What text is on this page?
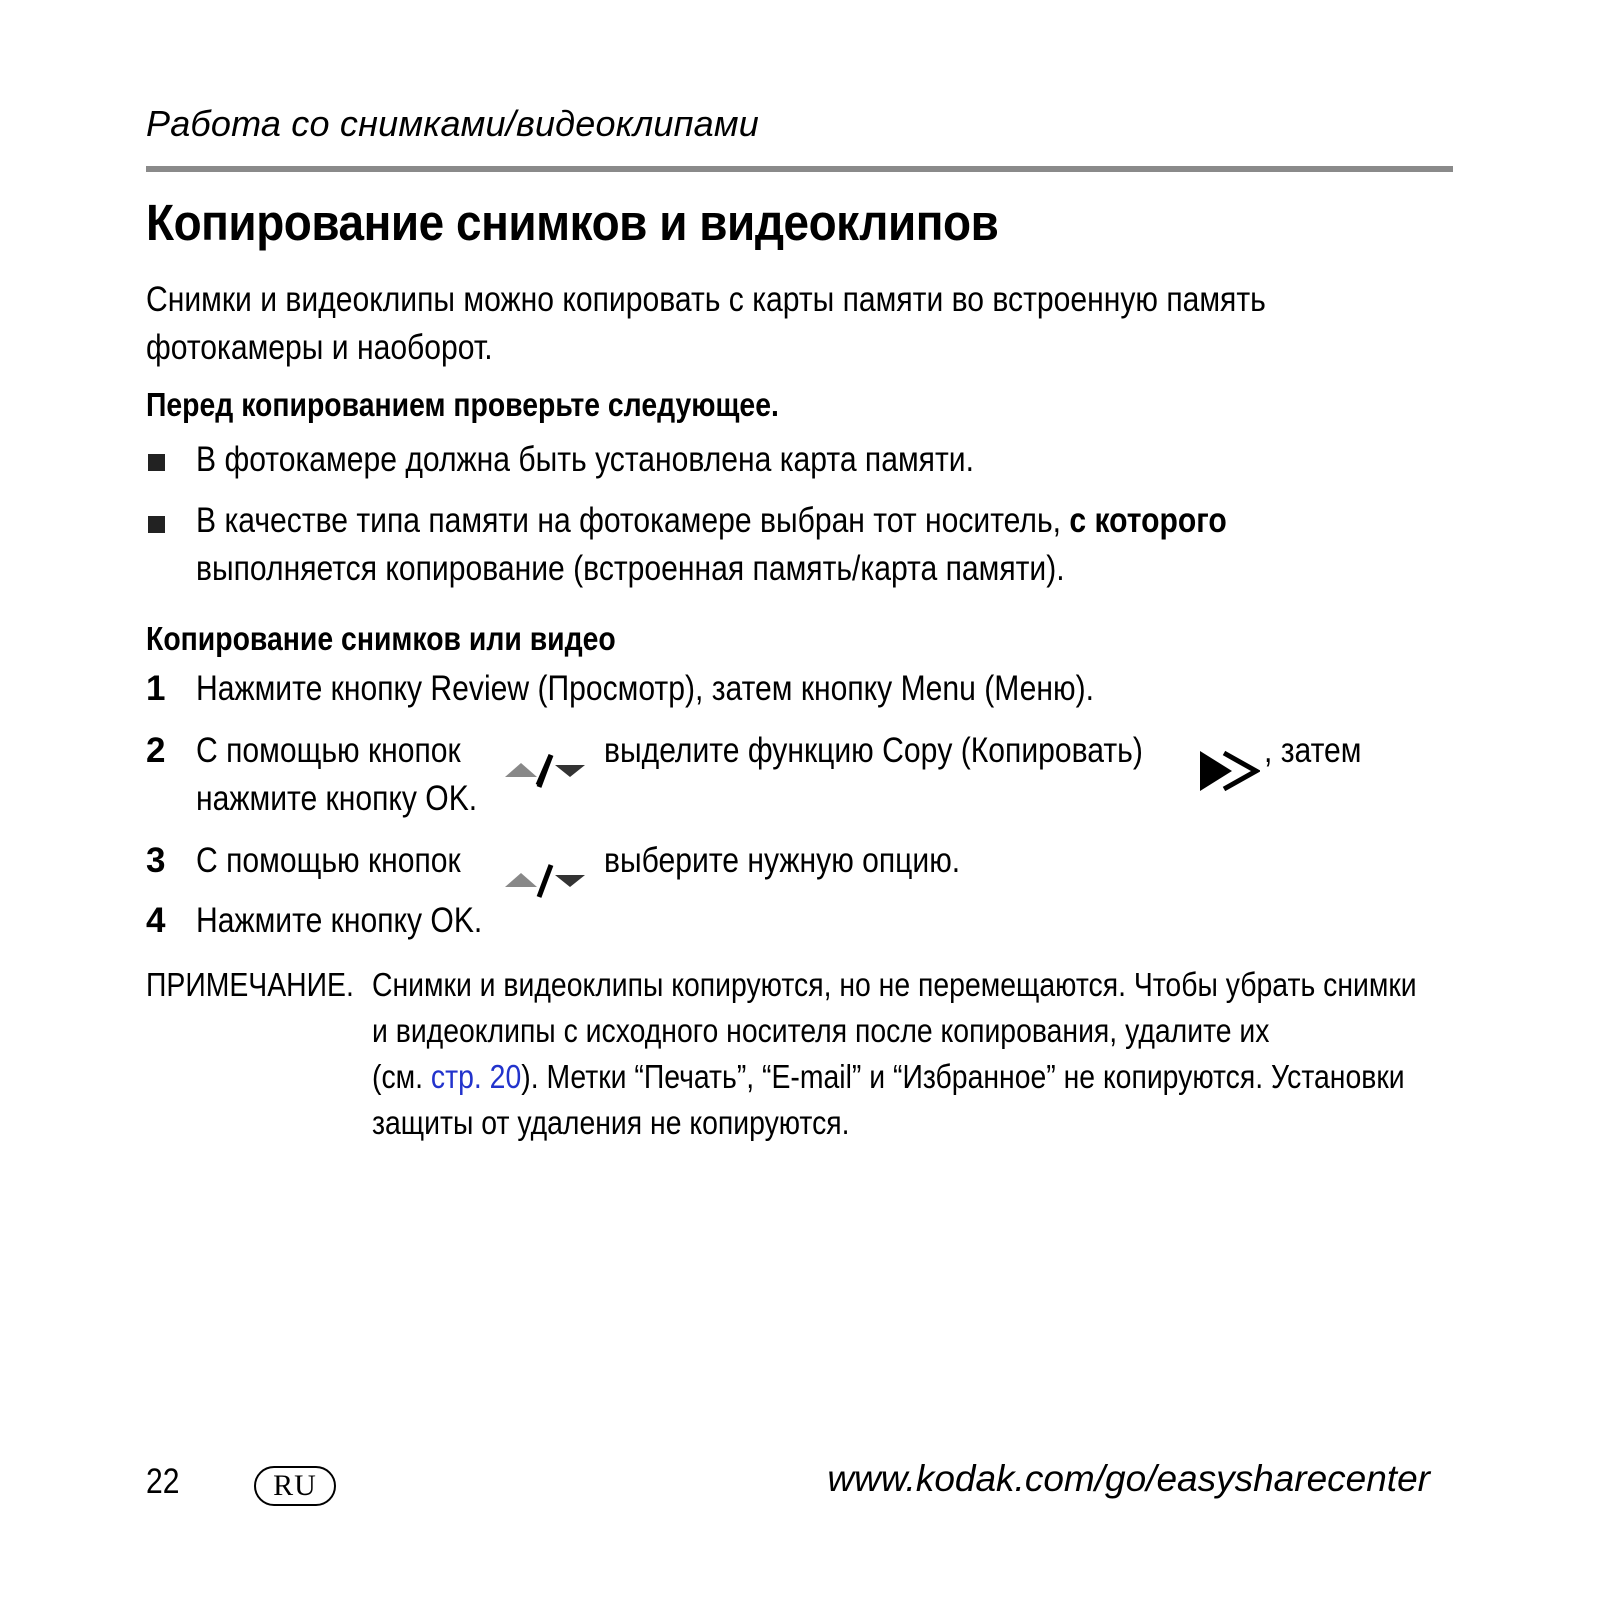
Работа со снимками/видеоклипами
Копирование снимков и видеоклипов
Снимки и видеоклипы можно копировать с карты памяти во встроенную память
фотокамеры и наоборот.
Перед копированием проверьте следующее.
В фотокамере должна быть установлена карта памяти.
В качестве типа памяти на фотокамере выбран тот носитель, с которого
выполняется копирование (встроенная память/карта памяти).
Копирование снимков или видео
1 Нажмите кнопку Review (Просмотр), затем кнопку Menu (Меню).
2 С помощью кнопок	выделите функцию Copy (Копировать)	, затем
нажмите кнопку OK.
3 С помощью кнопок	выберите нужную опцию.
4 Нажмите кнопку OK.
ПРИМЕЧАНИЕ. Снимки и видеоклипы копируются, но не перемещаются. Чтобы убрать снимки
и видеоклипы с исходного носителя после копирования, удалите их
(см. стр. 20). Метки “Печать”, “E-mail” и “Избранное” не копируются. Установки
защиты от удаления не копируются.
22	RU	www.kodak.com/go/easysharecenter
